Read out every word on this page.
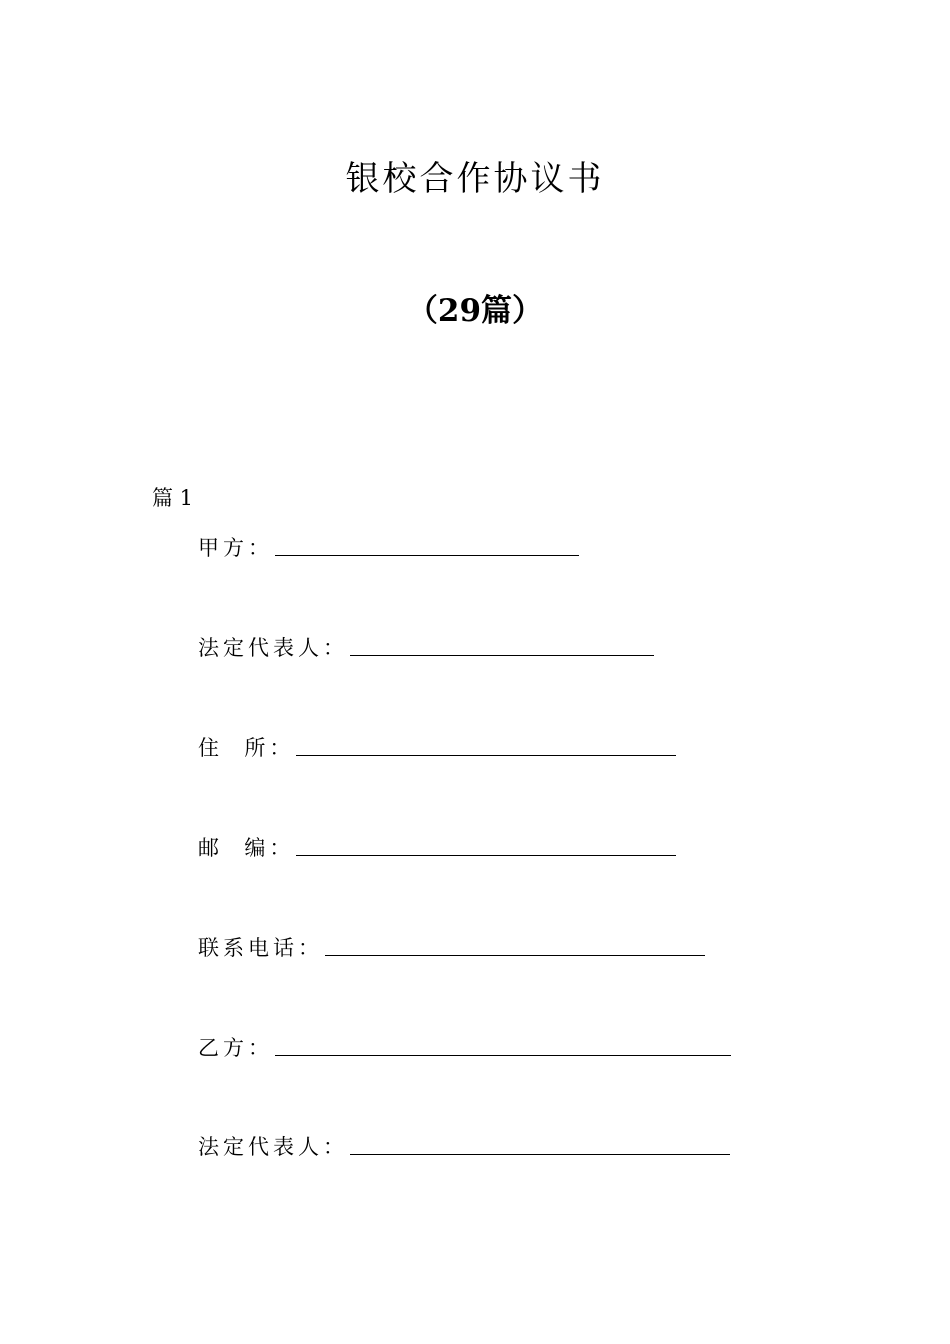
银校合作协议书
（29篇）
篇 1
甲方：
法定代表人：
住  所：
邮  编：
联系电话：
乙方：
法定代表人：
